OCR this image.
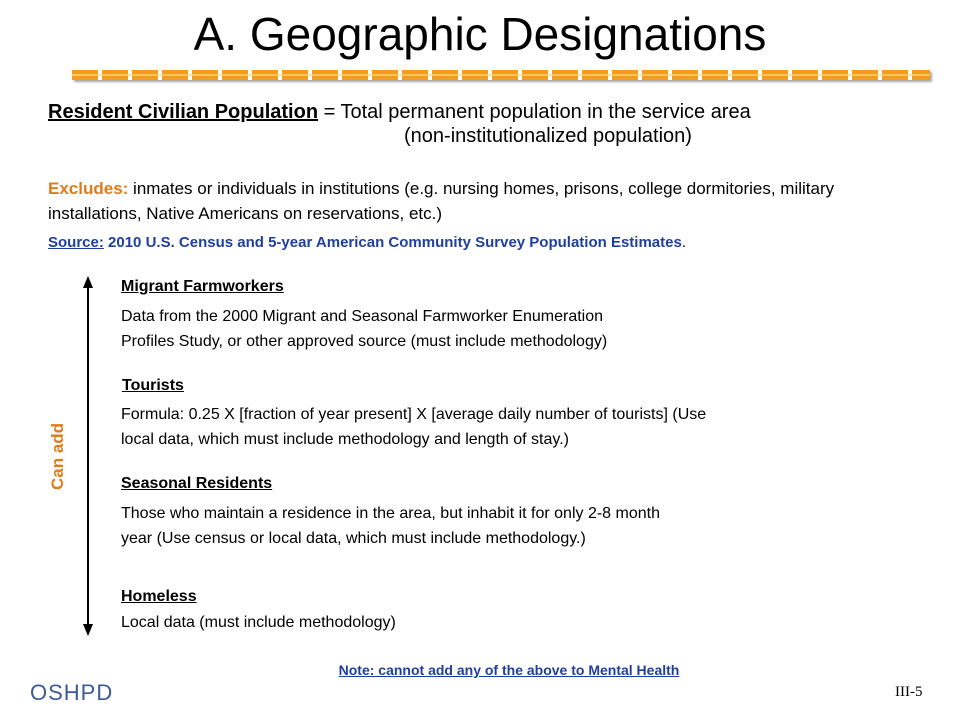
A. Geographic Designations
Resident Civilian Population = Total permanent population in the service area
(non-institutionalized population)
Excludes: inmates or individuals in institutions (e.g. nursing homes, prisons, college dormitories, military installations, Native Americans on reservations, etc.)
Source: 2010 U.S. Census and 5-year American Community Survey Population Estimates.
Can add
Migrant Farmworkers
Data from the 2000 Migrant and Seasonal Farmworker Enumeration
Profiles Study, or other approved source (must include methodology)
Tourists
Formula: 0.25 X [fraction of year present] X [average daily number of tourists] (Use
local data, which must include methodology and length of stay.)
Seasonal Residents
Those who maintain a residence in the area, but inhabit it for only 2-8 month
year (Use census or local data, which must include methodology.)
Homeless
Local data (must include methodology)
Note: cannot add any of the above to Mental Health
OSHPD	III-5
